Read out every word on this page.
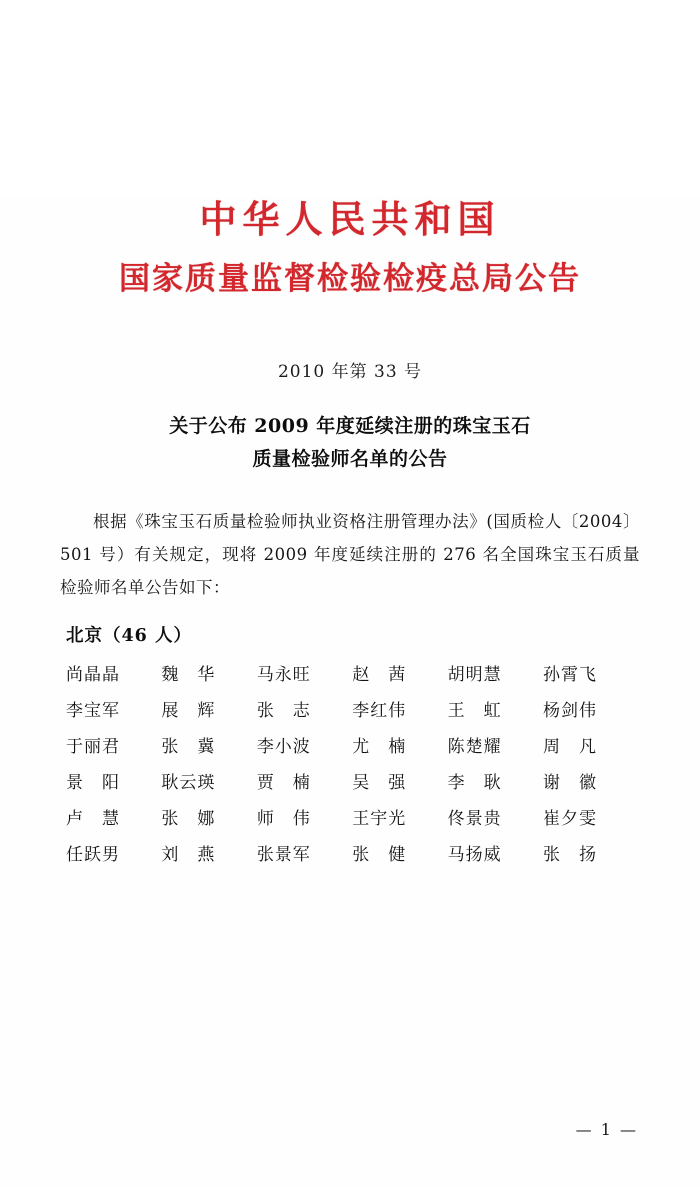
中华人民共和国
国家质量监督检验检疫总局公告
2010 年第 33 号
关于公布 2009 年度延续注册的珠宝玉石
质量检验师名单的公告

根据《珠宝玉石质量检验师执业资格注册管理办法》(国质检人〔2004〕501 号）有关规定，现将 2009 年度延续注册的 276 名全国珠宝玉石质量检验师名单公告如下：

北京（46 人）
尚晶晶	魏　华	马永旺	赵　茜	胡明慧	孙霄飞
李宝军	展　辉	张　志	李红伟	王　虹	杨剑伟
于丽君	张　冀	李小波	尤　楠	陈楚耀	周　凡
景　阳	耿云瑛	贾　楠	吴　强	李　耿	谢　徽
卢　慧	张　娜	师　伟	王宇光	佟景贵	崔夕雯
任跃男	刘　燕	张景军	张　健	马扬威	张　扬
— 1 —
